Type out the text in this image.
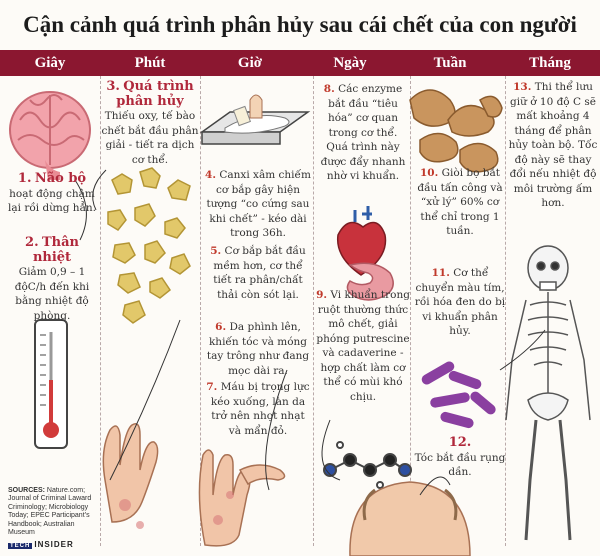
Cận cảnh quá trình phân hủy sau cái chết của con người
Giây	Phút	Giờ	Ngày	Tuần	Tháng
1. Não bộ
hoạt động chậm lại rồi dừng hẳn.
2. Thân nhiệt
Giảm 0,9 – 1 độC/h đến khi bằng nhiệt độ phòng.
SOURCES: Nature.com; Journal of Criminal Laward Criminology; Microbiology Today; EPEC Participant’s Handbook; Australian Museum
TECH INSIDER
3. Quá trình phân hủy
Thiếu oxy, tế bào chết bắt đầu phân giải - tiết ra dịch cơ thể.
4. Canxi xâm chiếm cơ bắp gây hiện tượng “co cứng sau khi chết” - kéo dài trong 36h.
5. Cơ bắp bắt đầu mềm hơn, cơ thể tiết ra phân/chất thải còn sót lại.
6. Da phình lên, khiến tóc và móng tay trông như đang mọc dài ra.
7. Máu bị trọng lực kéo xuống, làn da trở nên nhợt nhạt và mẩn đỏ.
8. Các enzyme bắt đầu “tiêu hóa” cơ quan trong cơ thể. Quá trình này được đẩy nhanh nhờ vi khuẩn.
9. Vi khuẩn trong ruột thường thức mô chết, giải phóng putrescine và cadaverine - hợp chất làm cơ thể có mùi khó chịu.
10. Giòi bọ bắt đầu tấn công và “xử lý” 60% cơ thể chỉ trong 1 tuần.
11. Cơ thể chuyển màu tím, rồi hóa đen do bị vi khuẩn phân hủy.
12.
Tóc bắt đầu rụng dần.
13. Thi thể lưu giữ ở 10 độ C sẽ mất khoảng 4 tháng để phân hủy toàn bộ. Tốc độ này sẽ thay đổi nếu nhiệt độ môi trường ấm hơn.
